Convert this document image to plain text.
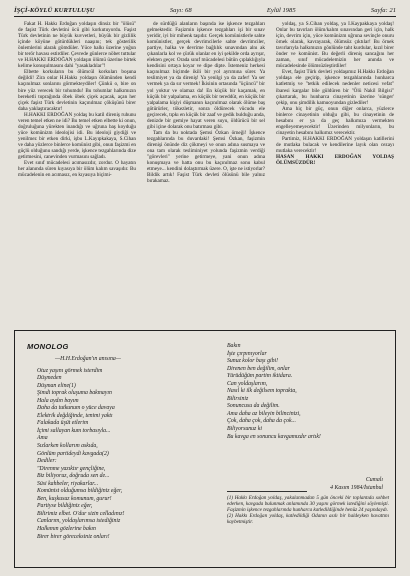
İŞÇİ-KÖYLÜ KURTULUŞU	Sayı: 68	Eylül 1985	Sayfa: 21

Fakat H. Hakkı Erdoğan yoldaşın dinsiz bir "ölüsü" de faşist Türk devletini öcü gibi korkutuyordu. Faşist Türk devletinin ne büyük kuvvetleri, büyük bir gizlilik içinde köyüne götürdükleri naaşını; tek gösterilik önlemlerini alarak gömdüler. Yüce halkı üzerine yoğun bir terör havası estirdiler. Çevrede günlerce nöbet tuttular ve H.HAKKI ERDOĞAN yoldaşın ölümü üzerine birtek kelime konuşulmasını dahi "yasakladılar"!

Elbette korkuların bu ölümcül korkuları boşuna değildi! Zira onlar H.Hakkı yoldaşın ölümünden kendi kaçınılmaz sonlarını görmekteydiler! Çünkü o, bire on bire yüz verecek bir tohumdu! Bu tohumlar halkımızın bereketli toprağında öbek öbek çiçek açacak, açan her çiçek faşist Türk devletinin kaçınılmaz çöküşünü birer daha yaklaştıracaktır!

H.HAKKI ERDOĞAN yoldaş bu katil direniş ruhunu veren temel etken ne idi? Bu temel etken elbette ki onun, doğruluğuna yürekten inandığı ve uğruna baş koyduğu yüce komünizm ideolojisi idi. Bu ideoloji giydiği ve yenilmez bir etken dirki, işbu L.Kayıpkakaya, S.Cihan ve daha yüzlerce binlerce komünist gibi, onun faşizmi en güçlü olduğunu sandığı yerde, işkence tezgahlarında dize getirmesini, canevinden vurmasını sağladı.

Evet sınıf mücadelesi acımasızdır, zordur. O hayatın her alanında süren kıyasıya bir ölüm kalım savaşıdır. Bu mücadelenin en acımasız, en kıyasıya biçimi-

de sürdüğü alanların başında ise işkence tezgahları gelmektedir. Faşizmin işkence tezgahları işi bir sınav yeridir, iyi bir mihenk taşıdır. Gerçek komünistlerle sahte komünistler, gerçek devrimcilerle sahte devrimciler, partiye, halka ve devrime bağlılık sınavından alnı ak çıkanlarla kol ve çürük olanlar en iyi şekilde orda ayrışır, elekten geçer. Orada sınıf mücadelesi bütün çıplaklığıyla kendisini ortaya koyar ve dipe dipte. İstemeniz herkesi kaçınılmaz biçimde ikili bir yol ayrımına sürer. Ya teslimiyet ya da direniş! Ya yenilgi ya da zafer! Ya ser vermek ya da sır vermek! İkisinin ortasında "üçüncü" bir yol yoktur ve olamaz da! En küçük bir kaçamak, en küçük bir yalpalama, en küçük bir tereddüt, en küçük bir yalpalama kişiyi düşmanın kaçınılmaz olarak ölüme baş götürürler, tökezletir, sonra öldürecek vücudu ele geçirecek, tıpkı en küçük bir zaaf ve gedik bulduğu anda, denizde bir gemiye hayat veren suyu, öldürücü bir sel gibi içine dolarak onu batırması gibi.

Tam da bu noktada Şemsi Özkan örneği! İşkence tezgahlarında bu duvardaki! Şemsi Özkan, faşizmin direnişi önünde diz çökmeyi ve onun adına susmaya ve ona tam olarak tesliminiyet yolunda faşizmin verdiği "görevleri" yerine getirmeye, yani onun adına konuşmaya ve hatta onu bu kaçınılmaz sonu kabul etmeye... kendini dolaştırmak üzere. O, işte ne istiyorlar? Bildik artık! Faşist Türk devleti ölüsünü bile yalnız bırakamaz.

yoldaş, ya S.Cihan yoldaş, ya İ.Kaypakkaya yoldaş! Onlar bu tavırları ölüm/kalım sınavından geri için, halk için, devrim için, yüce komünizm uğruna sevinçle onuru örnek olarak, kavrayarak, ölümsüz çıktılar! Bu örnek tavırlarıyla halkımızın gönlünde taht kurdular, kızıl birer önder ve komünist. Bu değerli direniş sancağını her zaman, sınıf mücadelemizin her anında ve mücadelesinde ölümsüzleştirdiler!

Evet, faşist Türk devleti yoldaşımız H.Hakkı Erdoğan yoldaşa ele geçirip, işkence tezgahlarında hunharca katletmiş ve "tetkik edilecek nedenler neticesi vefat" ibaresi kargalar bile güldüren bir "Ölü Nakil Bilgisi" çıkartarak, bu hunharca cinayetinin üzerine 'sünger' çekip, onu şimdilik kamuoyundan gizlediler!

Ama hiç bir güç, onun diğer onlarca, yüzlerce binlerce cinayetinin olduğu gibi, bu cinayetinin de hesabını er ya da geç halkımıza vermekten engelleyemeyecektir! Üzerinden milyonların, bu cinayetin hesabını halkımız verecektir.

Partimiz, H.HAKKI ERDOĞAN yoldaşın katillerini de mutlaka bulacak ve kendilerine layık olan cezayı mutlaka verecektir!

HASAN HAKKI ERDOĞAN YOLDAŞ ÖLÜMSÜZDÜR!

MONOLOG
—H.H.Erdoğan'ın anısına—
Otuz yaşını görmek isterdim
Düşmeden
Düşman eline(1)
Şimdi toprak oluşuma bakmayın
Hala aydın bayım
Daha da tutkunum o yüce davaya
Elektrik değdiğinde, tenimi yaktı
Falakada üşüt etlerim
İçimi sallayan kum torbasıyla...
Ama
Sızlarken kollarım askıda,
Gönlüm partideydi kavgada(2)
Dediler:
"Direnme yazıktır gençliğine,
Biz biliyoruz, doğruda sen de...
Süsi kahbeler, riyakarlar...
Komünist olduğumsa bildiğiniz eğer,
Ben, kuşkusuz komunum, gurur!
Partiyse bildiğiniz eğer,
Bilirimiz elbet. O'dur sizin celladınız!
Canlarım, yoldaşlarımsa istediğiniz
Halkımın gözlerine bakın
Birer birer göreceksiniz onları!
Bakın
İşte çırpınıyorlar
Sunuz kolor başı gibi!
Direnen ben değilim, onlar
Yürüdüğüm partim iktidara.
Can yoldaşlarım,
Nasıl ki ilk değilsem toprakta,
Bilirsiniz
Sonuncusu da değilim.
Ama daha az bileyin bilincinizi,
Çok, daha çok, daha da çok...
Biliyorsunuz ki
Bu kavga en sonuncu kavgamızdır artık!
Cumalı
4 Kasım 1984/İstanbul
(1) Hakkı Erdoğan yoldaş, yakalanmadan 5 gün önceki bir toplantıda sohbet ederken, kavgada bulunmak anlamında 30 yaşını görmek istediğini söylemişti. Faşizmin işkence tezgahlarında hunharca katledildiğinde henüz 24 yaşındaydı.
(2) Hakkı Erdoğan yoldaş, katledildiği Odanın asılı bir haldeyken havattını kaybetmiştir.
